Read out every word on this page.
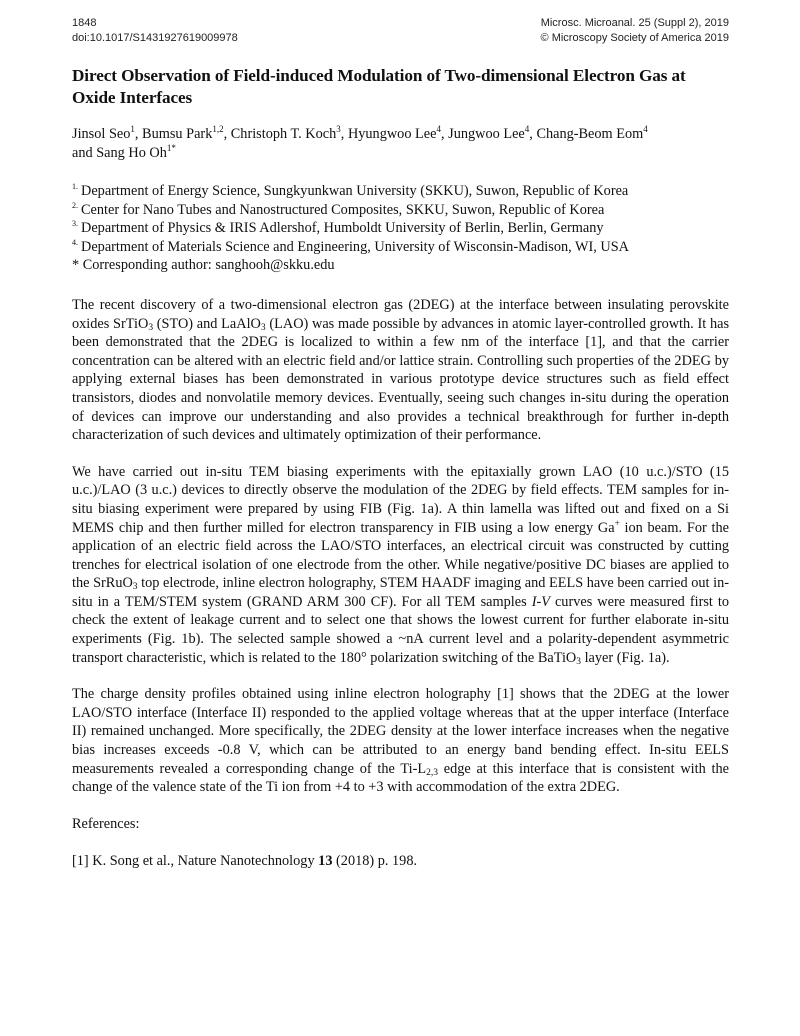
1848
doi:10.1017/S1431927619009978
Microsc. Microanal. 25 (Suppl 2), 2019
© Microscopy Society of America 2019
Direct Observation of Field-induced Modulation of Two-dimensional Electron Gas at Oxide Interfaces
Jinsol Seo$^1$, Bumsu Park$^{1,2}$, Christoph T. Koch$^3$, Hyungwoo Lee$^4$, Jungwoo Lee$^4$, Chang-Beom Eom$^4$
and Sang Ho $Oh^{1*}$
$^{1.}$ Department of Energy Science, Sungkyunkwan University (SKKU), Suwon, Republic of Korea
$^{2.}$ Center for Nano Tubes and Nanostructured Composites, SKKU, Suwon, Republic of Korea
$^{3.}$ Department of Physics & IRIS Adlershof, Humboldt University of Berlin, Berlin, Germany
$^{4.}$ Department of Materials Science and Engineering, University of Wisconsin-Madison, WI, USA
* Corresponding author: sanghooh@skku.edu

The recent discovery of a two-dimensional electron gas (2DEG) at the interface between insulating perovskite oxides SrTiO$_3$ (STO) and LaAlO$_3$ (LAO) was made possible by advances in atomic layer-controlled growth. It has been demonstrated that the 2DEG is localized to within a few nm of the interface [1], and that the carrier concentration can be altered with an electric field and/or lattice strain. Controlling such properties of the 2DEG by applying external biases has been demonstrated in various prototype device structures such as field effect transistors, diodes and nonvolatile memory devices. Eventually, seeing such changes in-situ during the operation of devices can improve our understanding and also provides a technical breakthrough for further in-depth characterization of such devices and ultimately optimization of their performance.

We have carried out in-situ TEM biasing experiments with the epitaxially grown LAO (10 u.c.)/STO (15 u.c.)/LAO (3 u.c.) devices to directly observe the modulation of the 2DEG by field effects. TEM samples for in-situ biasing experiment were prepared by using FIB (Fig. 1a). A thin lamella was lifted out and fixed on a Si MEMS chip and then further milled for electron transparency in FIB using a low energy Ga+ ion beam. For the application of an electric field across the LAO/STO interfaces, an electrical circuit was constructed by cutting trenches for electrical isolation of one electrode from the other. While negative/positive DC biases are applied to the SrRuO$_3$ top electrode, inline electron holography, STEM HAADF imaging and EELS have been carried out in-situ in a TEM/STEM system (GRAND ARM 300 CF). For all TEM samples I-V curves were measured first to check the extent of leakage current and to select one that shows the lowest current for further elaborate in-situ experiments (Fig. 1b). The selected sample showed a ~nA current level and a polarity-dependent asymmetric transport characteristic, which is related to the 180° polarization switching of the BaTiO$_3$ layer (Fig. 1a).

The charge density profiles obtained using inline electron holography [1] shows that the 2DEG at the lower LAO/STO interface (Interface II) responded to the applied voltage whereas that at the upper interface (Interface II) remained unchanged. More specifically, the 2DEG density at the lower interface increases when the negative bias increases exceeds -0.8 V, which can be attributed to an energy band bending effect. In-situ EELS measurements revealed a corresponding change of the $Ti-L_{2,3}$ edge at this interface that is consistent with the change of the valence state of the Ti ion from +4 to +3 with accommodation of the extra 2DEG.

References:
[1] K. Song et al., Nature Nanotechnology 13 (2018) p. 198.
